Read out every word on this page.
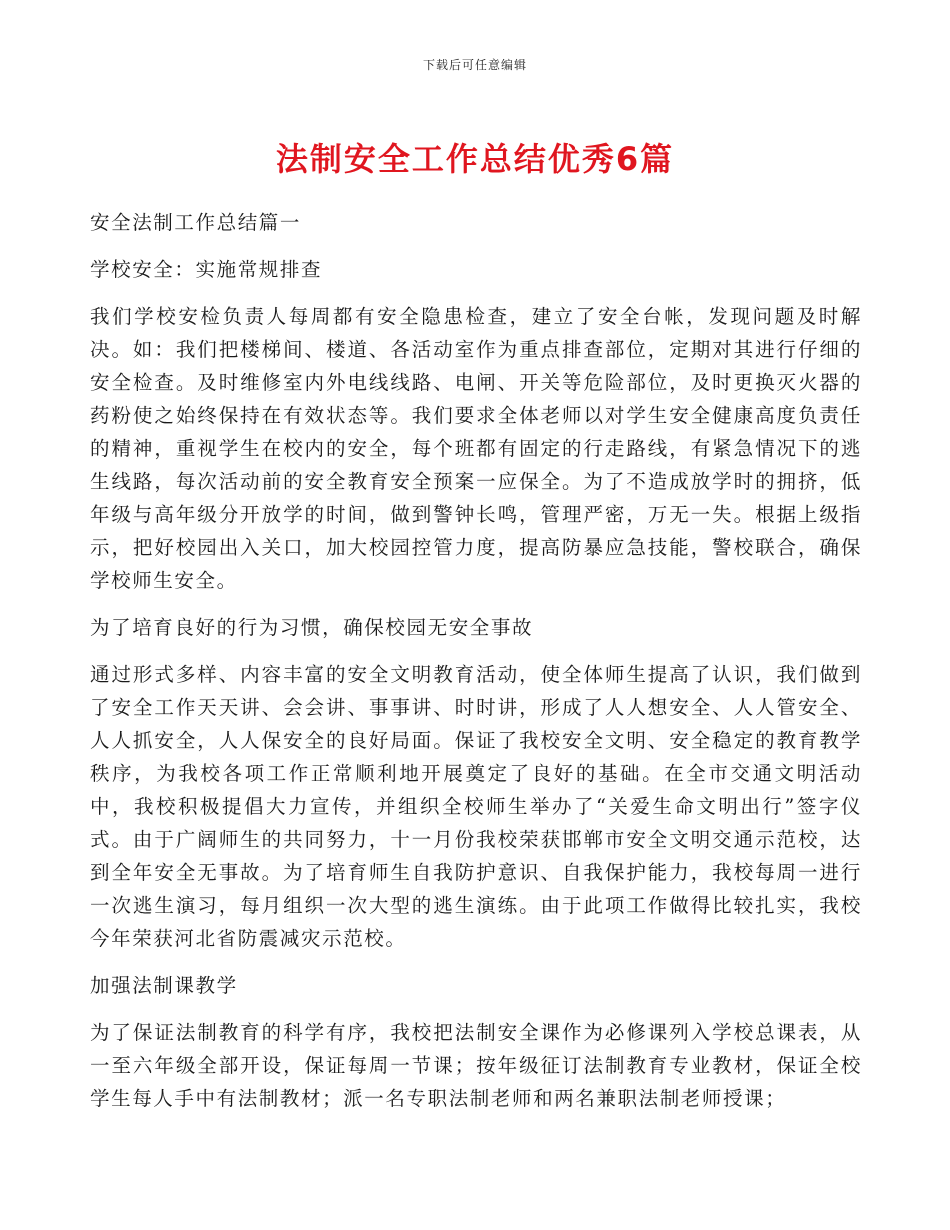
下载后可任意编辑
法制安全工作总结优秀6篇

安全法制工作总结篇一

学校安全：实施常规排查

我们学校安检负责人每周都有安全隐患检查，建立了安全台帐，发现问题及时解决。如：我们把楼梯间、楼道、各活动室作为重点排查部位，定期对其进行仔细的安全检查。及时维修室内外电线线路、电闸、开关等危险部位，及时更换灭火器的药粉使之始终保持在有效状态等。我们要求全体老师以对学生安全健康高度负责任的精神，重视学生在校内的安全，每个班都有固定的行走路线，有紧急情况下的逃生线路，每次活动前的安全教育安全预案一应保全。为了不造成放学时的拥挤，低年级与高年级分开放学的时间，做到警钟长鸣，管理严密，万无一失。根据上级指示，把好校园出入关口，加大校园控管力度，提高防暴应急技能，警校联合，确保学校师生安全。

为了培育良好的行为习惯，确保校园无安全事故

通过形式多样、内容丰富的安全文明教育活动，使全体师生提高了认识，我们做到了安全工作天天讲、会会讲、事事讲、时时讲，形成了人人想安全、人人管安全、人人抓安全，人人保安全的良好局面。保证了我校安全文明、安全稳定的教育教学秩序，为我校各项工作正常顺利地开展奠定了良好的基础。在全市交通文明活动中，我校积极提倡大力宣传，并组织全校师生举办了“关爱生命文明出行”签字仪式。由于广阔师生的共同努力，十一月份我校荣获邯郸市安全文明交通示范校，达到全年安全无事故。为了培育师生自我防护意识、自我保护能力，我校每周一进行一次逃生演习，每月组织一次大型的逃生演练。由于此项工作做得比较扎实，我校今年荣获河北省防震减灾示范校。

加强法制课教学

为了保证法制教育的科学有序，我校把法制安全课作为必修课列入学校总课表，从一至六年级全部开设，保证每周一节课；按年级征订法制教育专业教材，保证全校学生每人手中有法制教材；派一名专职法制老师和两名兼职法制老师授课；
